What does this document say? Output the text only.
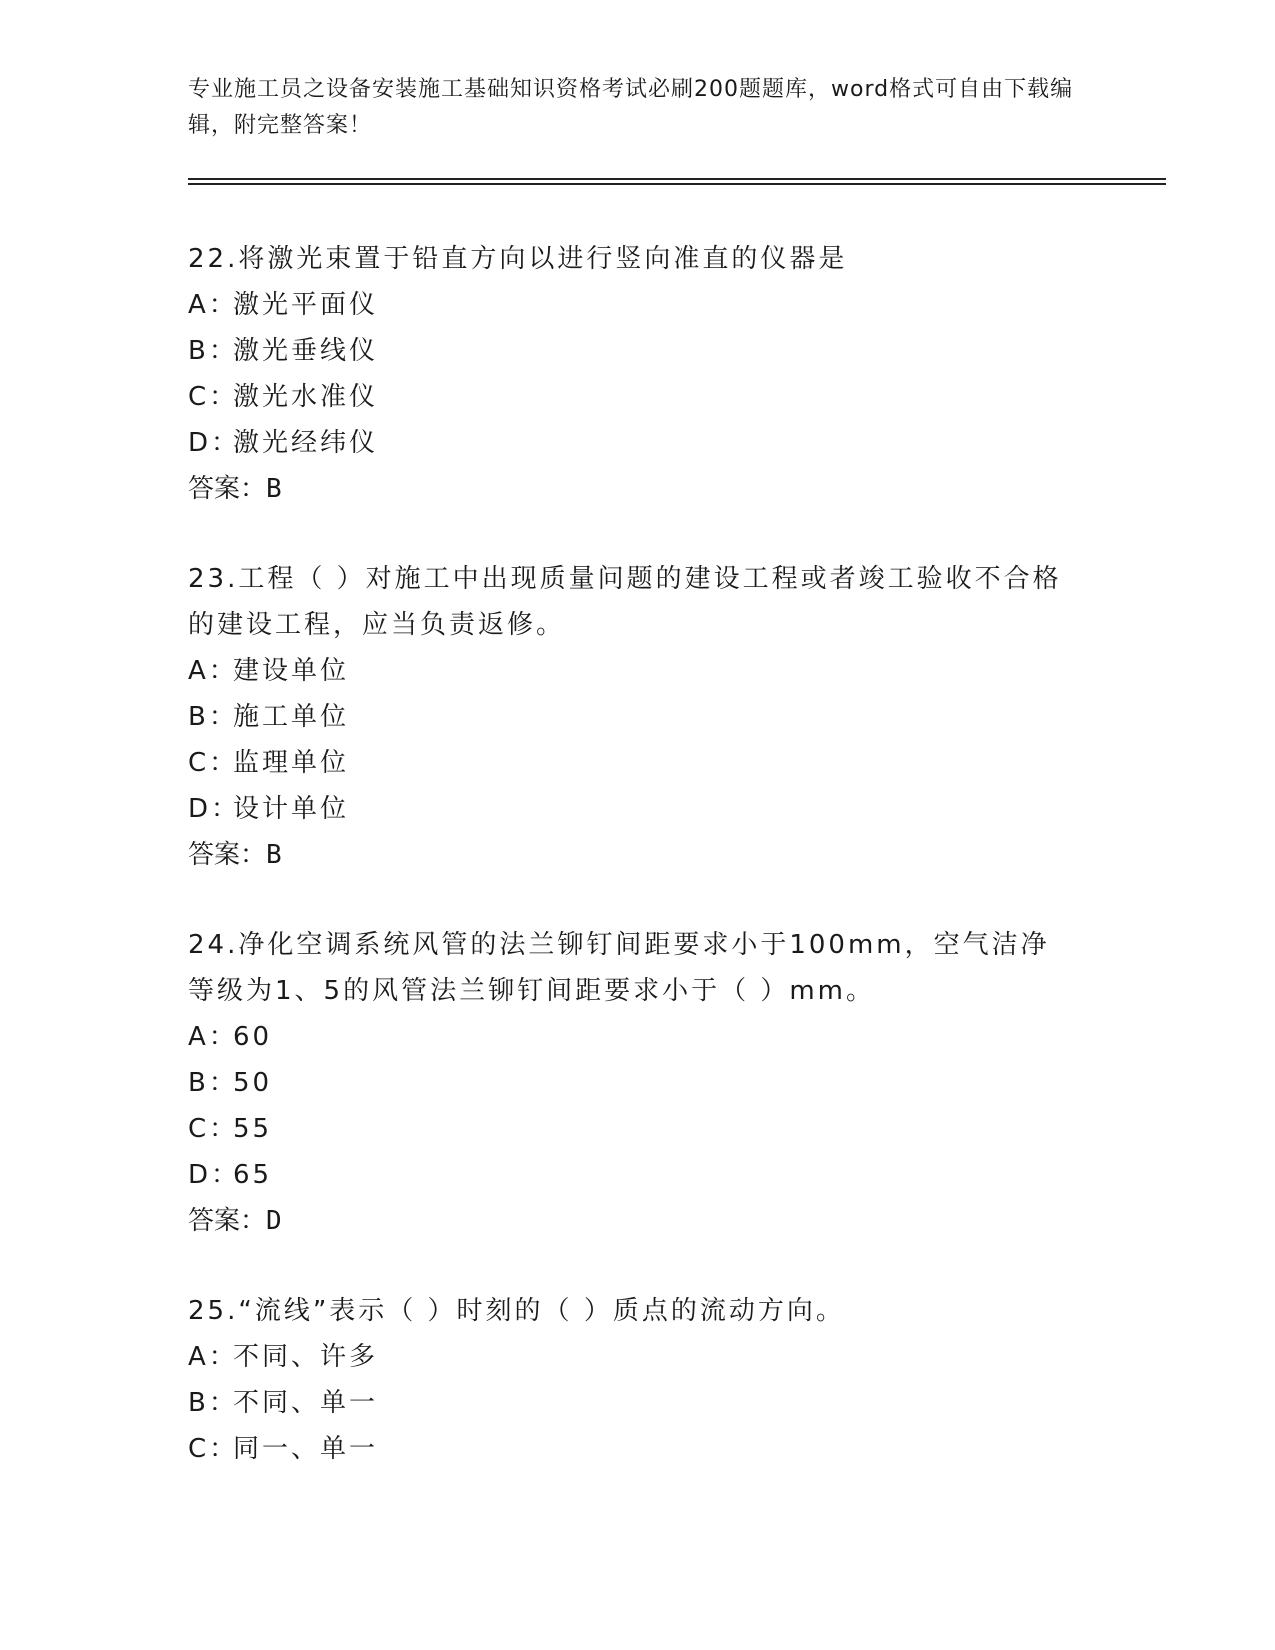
专业施工员之设备安装施工基础知识资格考试必刷200题题库，word格式可自由下载编辑，附完整答案！

22.将激光束置于铅直方向以进行竖向准直的仪器是

A：激光平面仪

B：激光垂线仪

C：激光水准仪

D：激光经纬仪

答案：B

23.工程（ ）对施工中出现质量问题的建设工程或者竣工验收不合格的建设工程，应当负责返修。

A：建设单位

B：施工单位

C：监理单位

D：设计单位

答案：B

24.净化空调系统风管的法兰铆钉间距要求小于100mm，空气洁净等级为1、5的风管法兰铆钉间距要求小于（ ）mm。

A：60

B：50

C：55

D：65

答案：D

25.“流线”表示（ ）时刻的（ ）质点的流动方向。

A：不同、许多

B：不同、单一

C：同一、单一
